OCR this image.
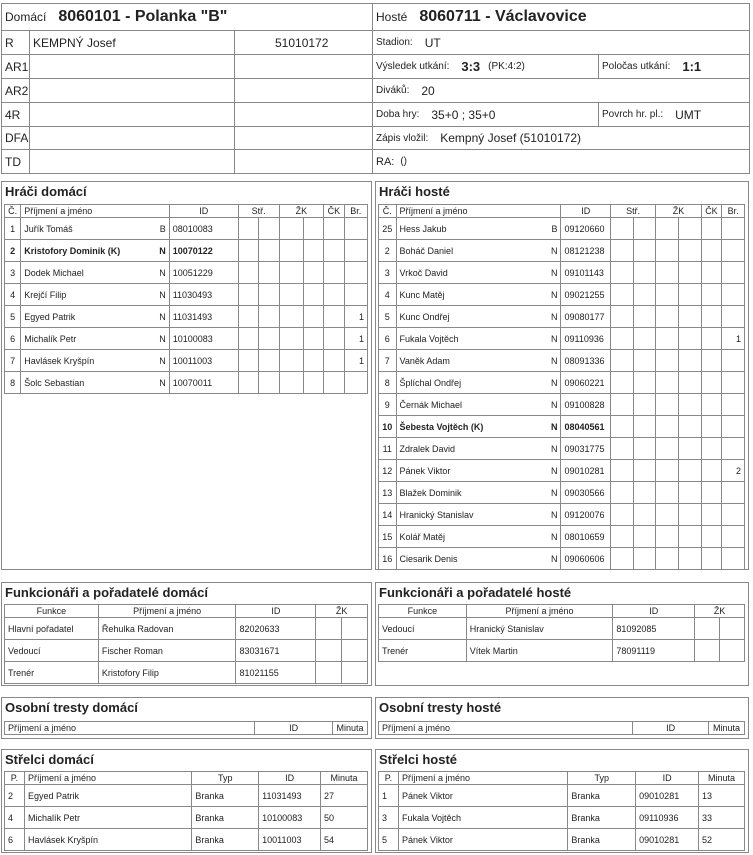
Domácí 8060101 - Polanka "B"
R	KEMPNÝ Josef	51010172
AR1
AR2
4R
DFA
TD
Hosté 8060711 - Václavovice
Stadion: UT
Výsledek utkání: 3:3 (PK:4:2)	Poločas utkání: 1:1
Diváků: 20
Doba hry: 35+0 ; 35+0	Povrch hr. pl.: UMT
Zápis vložil: Kempný Josef (51010172)
RA: ()
Hráči domácí
Č.	Příjmení a jméno	ID	Stř.		ŽK		ČK	Br.
1	Juřík Tomáš B	08010083						
2	Kristofory Dominik (K) N	10070122						
3	Dodek Michael N	10051229						
4	Krejčí Filip N	11030493						
5	Egyed Patrik N	11031493						1
6	Michalík Petr N	10100083						1
7	Havlásek Kryšpín N	10011003						1
8	Šolc Sebastian N	10070011						
Hráči hosté
Č.	Příjmení a jméno	ID	Stř.		ŽK		ČK	Br.
25	Hess Jakub B	09120660						
2	Boháč Daniel N	08121238						
3	Vrkoč David N	09101143						
4	Kunc Matěj N	09021255						
5	Kunc Ondřej N	09080177						
6	Fukala Vojtěch N	09110936						1
7	Vaněk Adam N	08091336						
8	Šplíchal Ondřej N	09060221						
9	Černák Michael N	09100828						
10	Šebesta Vojtěch (K) N	08040561						
11	Zdralek David N	09031775						
12	Pánek Viktor N	09010281						2
13	Blažek Dominik N	09030566						
14	Hranický Stanislav N	09120076						
15	Kolář Matěj N	08010659						
16	Ciesarik Denis N	09060606						
Funkcionáři a pořadatelé domácí
Funkce	Příjmení a jméno	ID	ŽK	
Hlavní pořadatel	Řehulka Radovan	82020633		
Vedoucí	Fischer Roman	83031671		
Trenér	Kristofory Filip	81021155		
Funkcionáři a pořadatelé hosté
Funkce	Příjmení a jméno	ID	ŽK	
Vedoucí	Hranický Stanislav	81092085		
Trenér	Vítek Martin	78091119		
Osobní tresty domácí
Příjmení a jméno	ID	Minuta
Osobní tresty hosté
Příjmení a jméno	ID	Minuta
Střelci domácí
P.	Příjmení a jméno	Typ	ID	Minuta
2	Egyed Patrik	Branka	11031493	27
4	Michalík Petr	Branka	10100083	50
6	Havlásek Kryšpín	Branka	10011003	54
Střelci hosté
P.	Příjmení a jméno	Typ	ID	Minuta
1	Pánek Viktor	Branka	09010281	13
3	Fukala Vojtěch	Branka	09110936	33
5	Pánek Viktor	Branka	09010281	52
